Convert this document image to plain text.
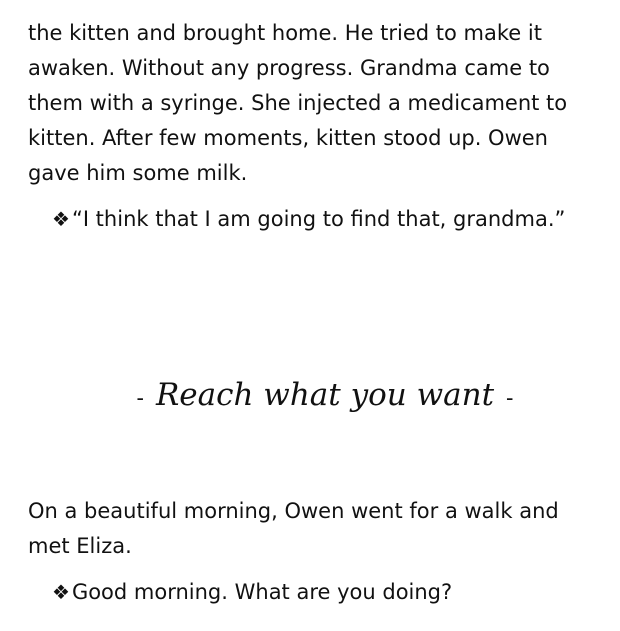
the kitten and brought home. He tried to make it
awaken. Without any progress. Grandma came to
them with a syringe. She injected a medicament to
kitten. After few moments, kitten stood up. Owen
gave him some milk.

❖“I think that I am going to find that, grandma.”
- Reach what you want -

On a beautiful morning, Owen went for a walk and
met Eliza.

❖Good morning. What are you doing?
